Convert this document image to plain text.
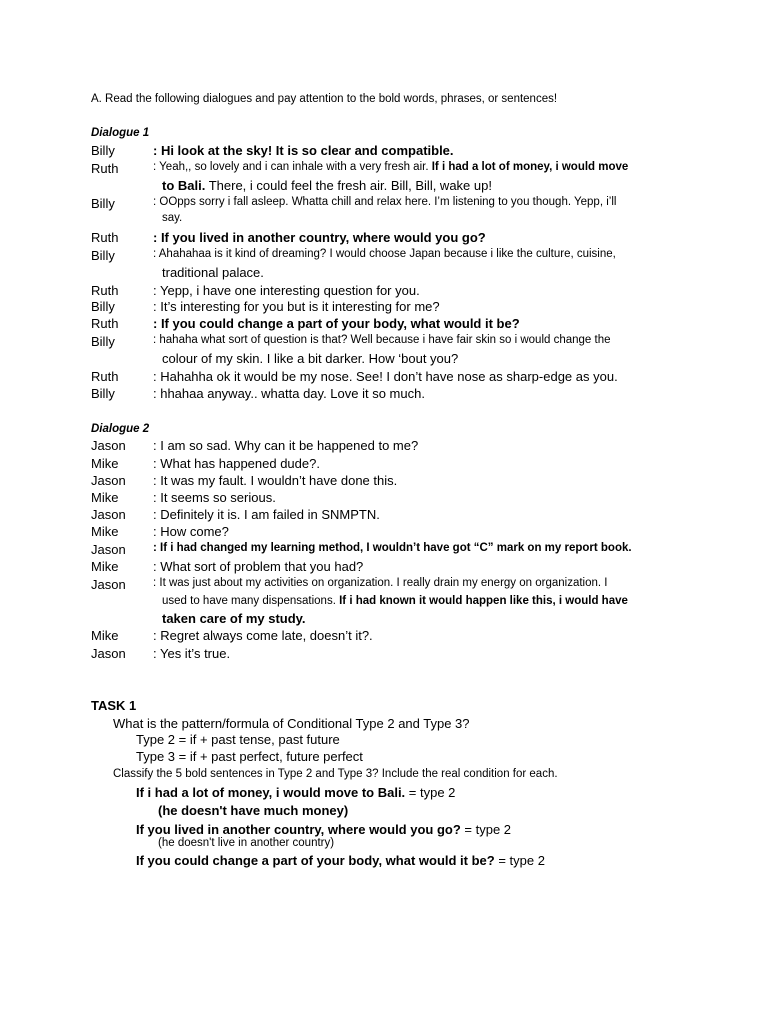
A. Read the following dialogues and pay attention to the bold words, phrases, or sentences!
Dialogue 1
Billy	: Hi look at the sky! It is so clear and compatible.
Ruth	: Yeah,, so lovely and i can inhale with a very fresh air. If i had a lot of money, i would move
to Bali. There, i could feel the fresh air. Bill, Bill, wake up!
Billy	: OOpps sorry i fall asleep. Whatta chill and relax here. I’m listening to you though. Yepp, i’ll
say.
Ruth	: If you lived in another country, where would you go?
Billy	: Ahahahaa is it kind of dreaming? I would choose Japan because i like the culture, cuisine,
traditional palace.
Ruth	: Yepp, i have one interesting question for you.
Billy	: It’s interesting for you but is it interesting for me?
Ruth	: If you could change a part of your body, what would it be?
Billy	: hahaha what sort of question is that? Well because i have fair skin so i would change the
colour of my skin. I like a bit darker. How ‘bout you?
Ruth	: Hahahha ok it would be my nose. See! I don’t have nose as sharp-edge as you.
Billy	: hhahaa anyway.. whatta day. Love it so much.
Dialogue 2
Jason : I am so sad. Why can it be happened to me?
Mike	: What has happened dude?.
Jason : It was my fault. I wouldn’t have done this.
Mike	: It seems so serious.
Jason : Definitely it is. I am failed in SNMPTN.
Mike	: How come?
Jason : If i had changed my learning method, I wouldn’t have got “C” mark on my report book.
Mike	: What sort of problem that you had?
Jason : It was just about my activities on organization. I really drain my energy on organization. I
used to have many dispensations. If i had known it would happen like this, i would have
taken care of my study.
Mike	: Regret always come late, doesn’t it?.
Jason : Yes it’s true.
TASK 1
What is the pattern/formula of Conditional Type 2 and Type 3?
Type 2 = if + past tense, past future
Type 3 = if + past perfect, future perfect
Classify the 5 bold sentences in Type 2 and Type 3? Include the real condition for each.
If i had a lot of money, i would move to Bali. = type 2
(he doesn't have much money)
If you lived in another country, where would you go? = type 2
(he doesn't live in another country)
If you could change a part of your body, what would it be? = type 2
